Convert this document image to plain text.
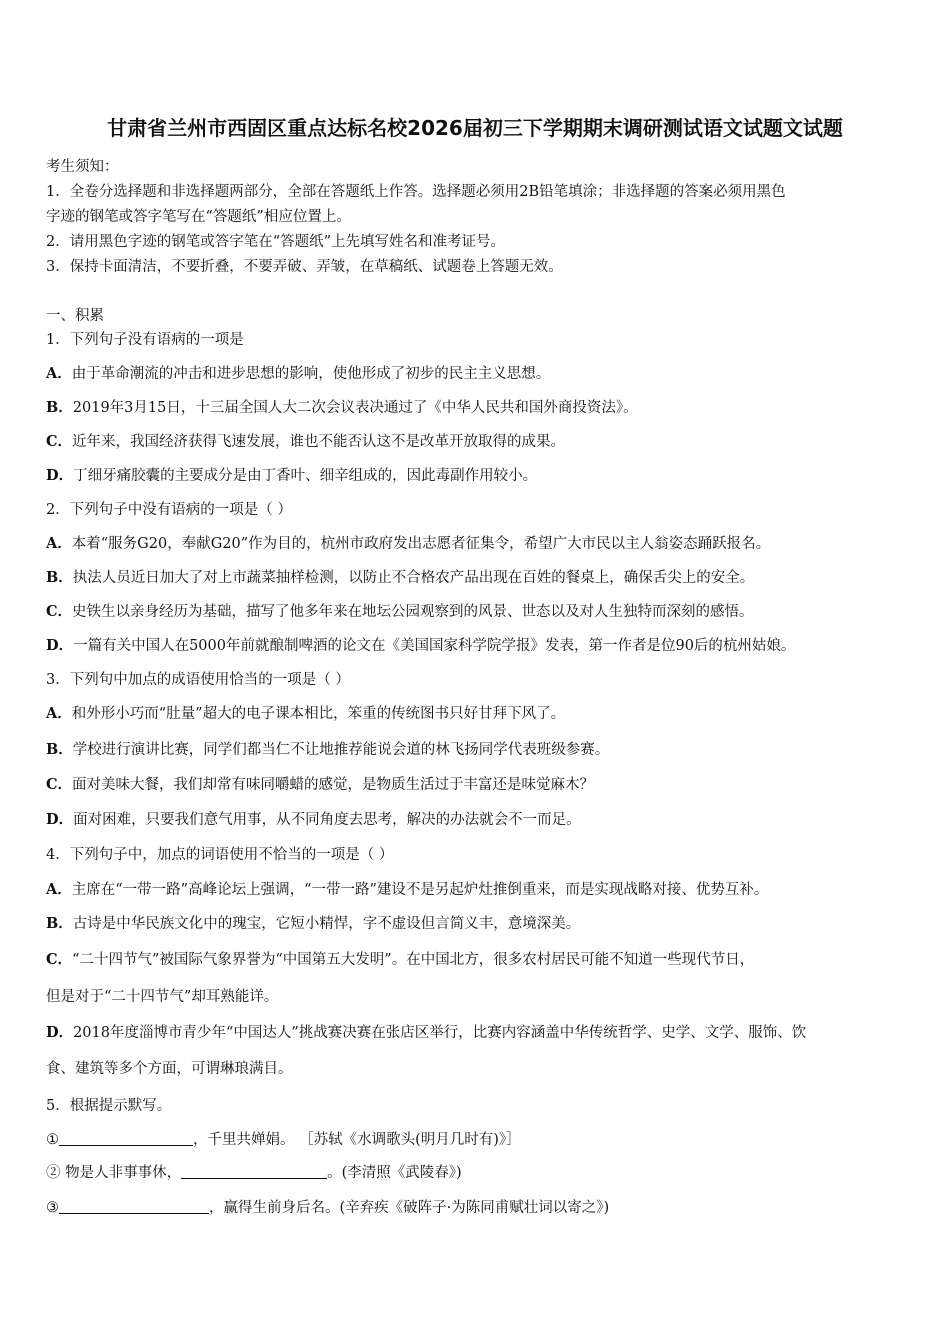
甘肃省兰州市西固区重点达标名校2026届初三下学期期末调研测试语文试题文试题
考生须知：
1．全卷分选择题和非选择题两部分，全部在答题纸上作答。选择题必须用2B铅笔填涂；非选择题的答案必须用黑色
字迹的钢笔或答字笔写在“答题纸”相应位置上。
2．请用黑色字迹的钢笔或答字笔在“答题纸”上先填写姓名和准考证号。
3．保持卡面清洁，不要折叠，不要弄破、弄皱，在草稿纸、试题卷上答题无效。
一、积累
1．下列句子没有语病的一项是
A．由于革命潮流的冲击和进步思想的影响，使他形成了初步的民主主义思想。
B．2019年3月15日，十三届全国人大二次会议表决通过了《中华人民共和国外商投资法》。
C．近年来，我国经济获得飞速发展，谁也不能否认这不是改革开放取得的成果。
D．丁细牙痛胶囊的主要成分是由丁香叶、细辛组成的，因此毒副作用较小。
2．下列句子中没有语病的一项是（ ）
A．本着“服务G20，奉献G20”作为目的，杭州市政府发出志愿者征集令，希望广大市民以主人翁姿态踊跃报名。
B．执法人员近日加大了对上市蔬菜抽样检测，以防止不合格农产品出现在百姓的餐桌上，确保舌尖上的安全。
C．史铁生以亲身经历为基础，描写了他多年来在地坛公园观察到的风景、世态以及对人生独特而深刻的感悟。
D．一篇有关中国人在5000年前就酿制啤酒的论文在《美国国家科学院学报》发表，第一作者是位90后的杭州姑娘。
3．下列句中加点的成语使用恰当的一项是（ ）
A．和外形小巧而“肚量”超大的电子课本相比，笨重的传统图书只好甘拜下风了。
B．学校进行演讲比赛，同学们都当仁不让地推荐能说会道的林飞扬同学代表班级参赛。
C．面对美味大餐，我们却常有味同嚼蜡的感觉，是物质生活过于丰富还是味觉麻木？
D．面对困难，只要我们意气用事，从不同角度去思考，解决的办法就会不一而足。
4．下列句子中，加点的词语使用不恰当的一项是（ ）
A．主席在“一带一路”高峰论坛上强调，“一带一路”建设不是另起炉灶推倒重来，而是实现战略对接、优势互补。
B．古诗是中华民族文化中的瑰宝，它短小精悍，字不虚设但言简义丰，意境深美。
C．“二十四节气”被国际气象界誉为“中国第五大发明”。在中国北方，很多农村居民可能不知道一些现代节日，
但是对于“二十四节气”却耳熟能详。
D．2018年度淄博市青少年“中国达人”挑战赛决赛在张店区举行，比赛内容涵盖中华传统哲学、史学、文学、服饰、饮
食、建筑等多个方面，可谓琳琅满目。
5．根据提示默写。
①	，千里共婵娟。 ［苏轼《水调歌头(明月几时有)》］
② 物是人非事事休，	。(李清照《武陵春》)
③	，赢得生前身后名。(辛弃疾《破阵子·为陈同甫赋壮词以寄之》)
